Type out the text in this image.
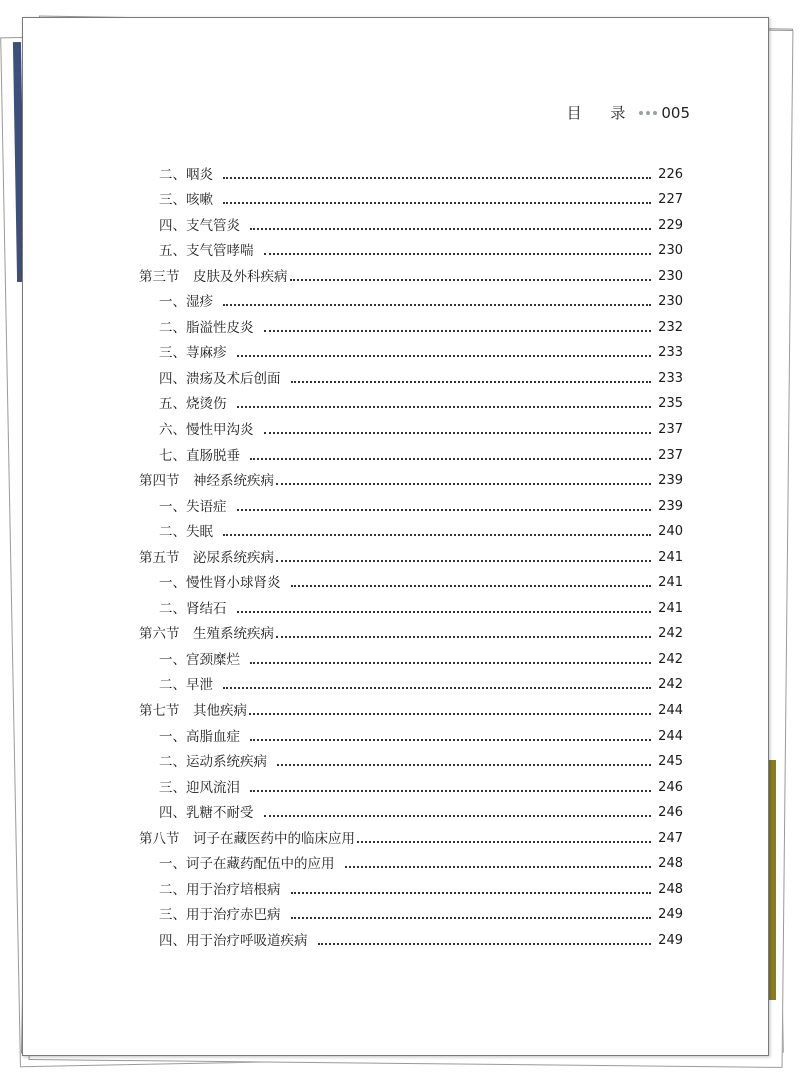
目 录 005
二、咽炎	226
三、咳嗽	227
四、支气管炎	229
五、支气管哮喘	230
第三节　皮肤及外科疾病	230
一、湿疹	230
二、脂溢性皮炎	232
三、荨麻疹	233
四、溃疡及术后创面	233
五、烧烫伤	235
六、慢性甲沟炎	237
七、直肠脱垂	237
第四节　神经系统疾病	239
一、失语症	239
二、失眠	240
第五节　泌尿系统疾病	241
一、慢性肾小球肾炎	241
二、肾结石	241
第六节　生殖系统疾病	242
一、宫颈糜烂	242
二、早泄	242
第七节　其他疾病	244
一、高脂血症	244
二、运动系统疾病	245
三、迎风流泪	246
四、乳糖不耐受	246
第八节　诃子在藏医药中的临床应用	247
一、诃子在藏药配伍中的应用	248
二、用于治疗培根病	248
三、用于治疗赤巴病	249
四、用于治疗呼吸道疾病	249
